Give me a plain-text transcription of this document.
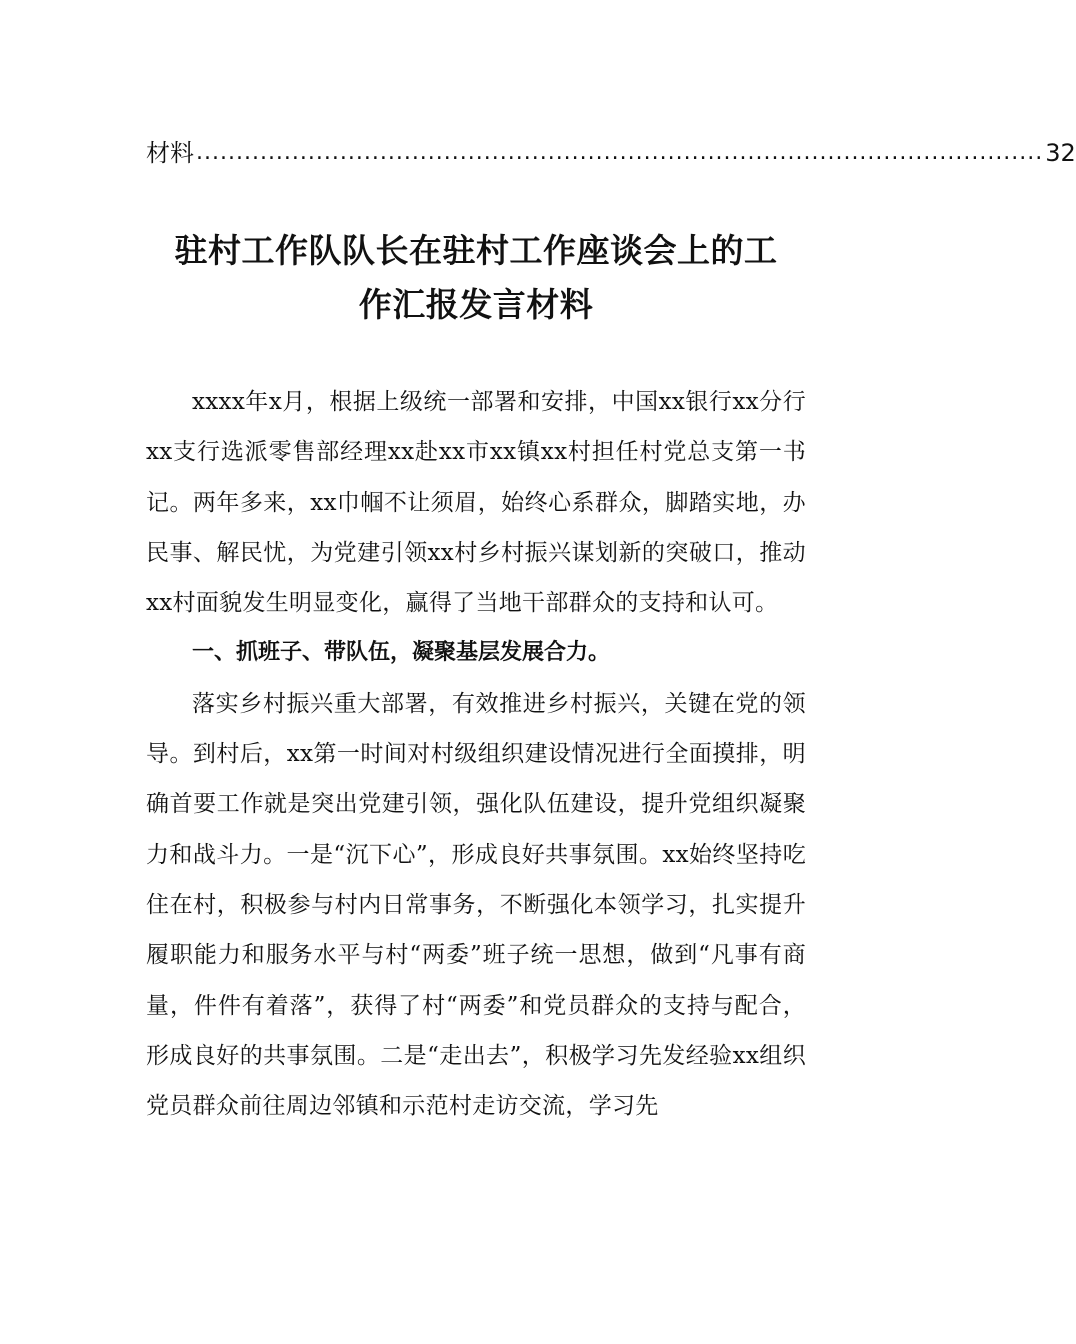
材料 .......................................................................................................... 32
驻村工作队队长在驻村工作座谈会上的工
作汇报发言材料

xxxx年x月，根据上级统一部署和安排，中国xx银行xx分行xx支行选派零售部经理xx赴xx市xx镇xx村担任村党总支第一书记。两年多来，xx巾帼不让须眉，始终心系群众，脚踏实地，办民事、解民忧，为党建引领xx村乡村振兴谋划新的突破口，推动xx村面貌发生明显变化，赢得了当地干部群众的支持和认可。

一、抓班子、带队伍，凝聚基层发展合力。

落实乡村振兴重大部署，有效推进乡村振兴，关键在党的领导。到村后，xx第一时间对村级组织建设情况进行全面摸排，明确首要工作就是突出党建引领，强化队伍建设，提升党组织凝聚力和战斗力。一是“沉下心”，形成良好共事氛围。xx始终坚持吃住在村，积极参与村内日常事务，不断强化本领学习，扎实提升履职能力和服务水平与村“两委”班子统一思想，做到“凡事有商量，件件有着落”，获得了村“两委”和党员群众的支持与配合，形成良好的共事氛围。二是“走出去”，积极学习先发经验xx组织党员群众前往周边邻镇和示范村走访交流，学习先
